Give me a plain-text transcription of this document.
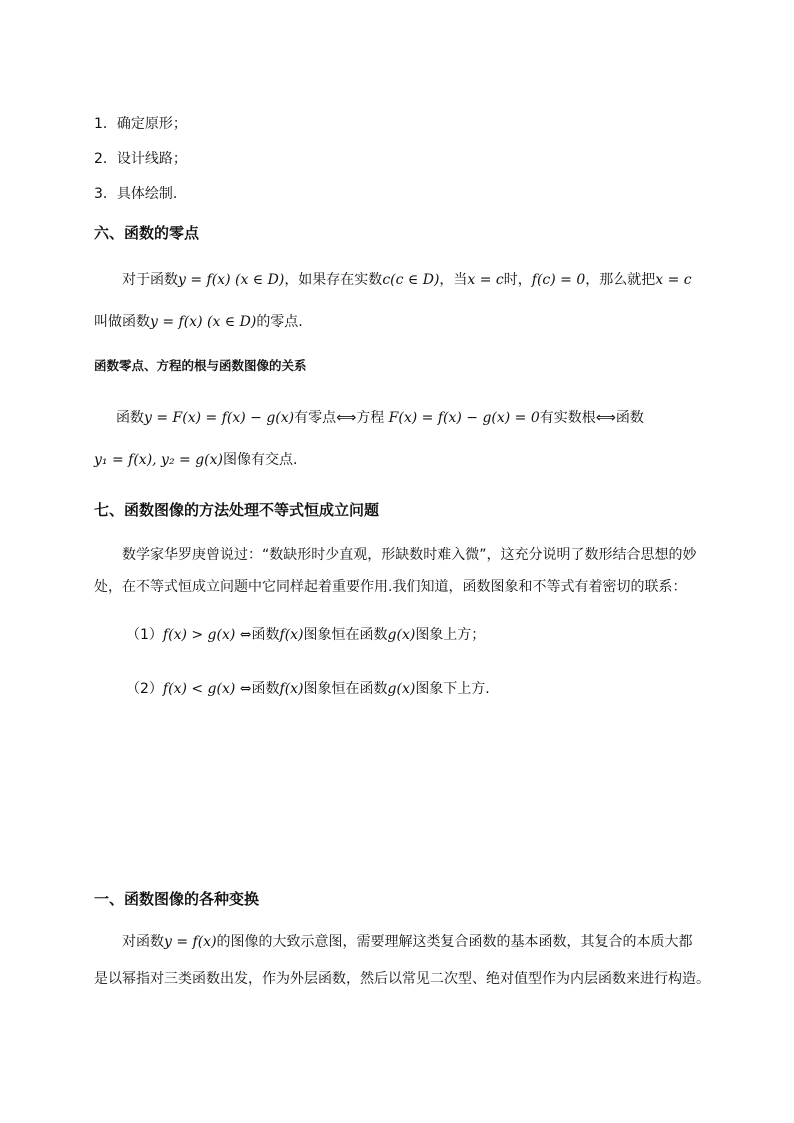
1．确定原形；
2．设计线路；
3．具体绘制.
六、函数的零点
对于函数y = f(x) (x ∈ D)，如果存在实数c(c ∈ D)，当x = c时，f(c) = 0，那么就把x = c
叫做函数y = f(x) (x ∈ D)的零点.
函数零点、方程的根与函数图像的关系
函数y = F(x) = f(x) − g(x)有零点⟺方程 F(x) = f(x) − g(x) = 0有实数根⟺函数
y₁ = f(x), y₂ = g(x)图像有交点.
七、函数图像的方法处理不等式恒成立问题
数学家华罗庚曾说过：“数缺形时少直观，形缺数时难入微”，这充分说明了数形结合思想的妙
处，在不等式恒成立问题中它同样起着重要作用.我们知道，函数图象和不等式有着密切的联系：
（1）f(x) > g(x) ⇔函数f(x)图象恒在函数g(x)图象上方；
（2）f(x) < g(x) ⇔函数f(x)图象恒在函数g(x)图象下上方.
一、函数图像的各种变换
对函数y = f(x)的图像的大致示意图，需要理解这类复合函数的基本函数，其复合的本质大都
是以幂指对三类函数出发，作为外层函数，然后以常见二次型、绝对值型作为内层函数来进行构造。
